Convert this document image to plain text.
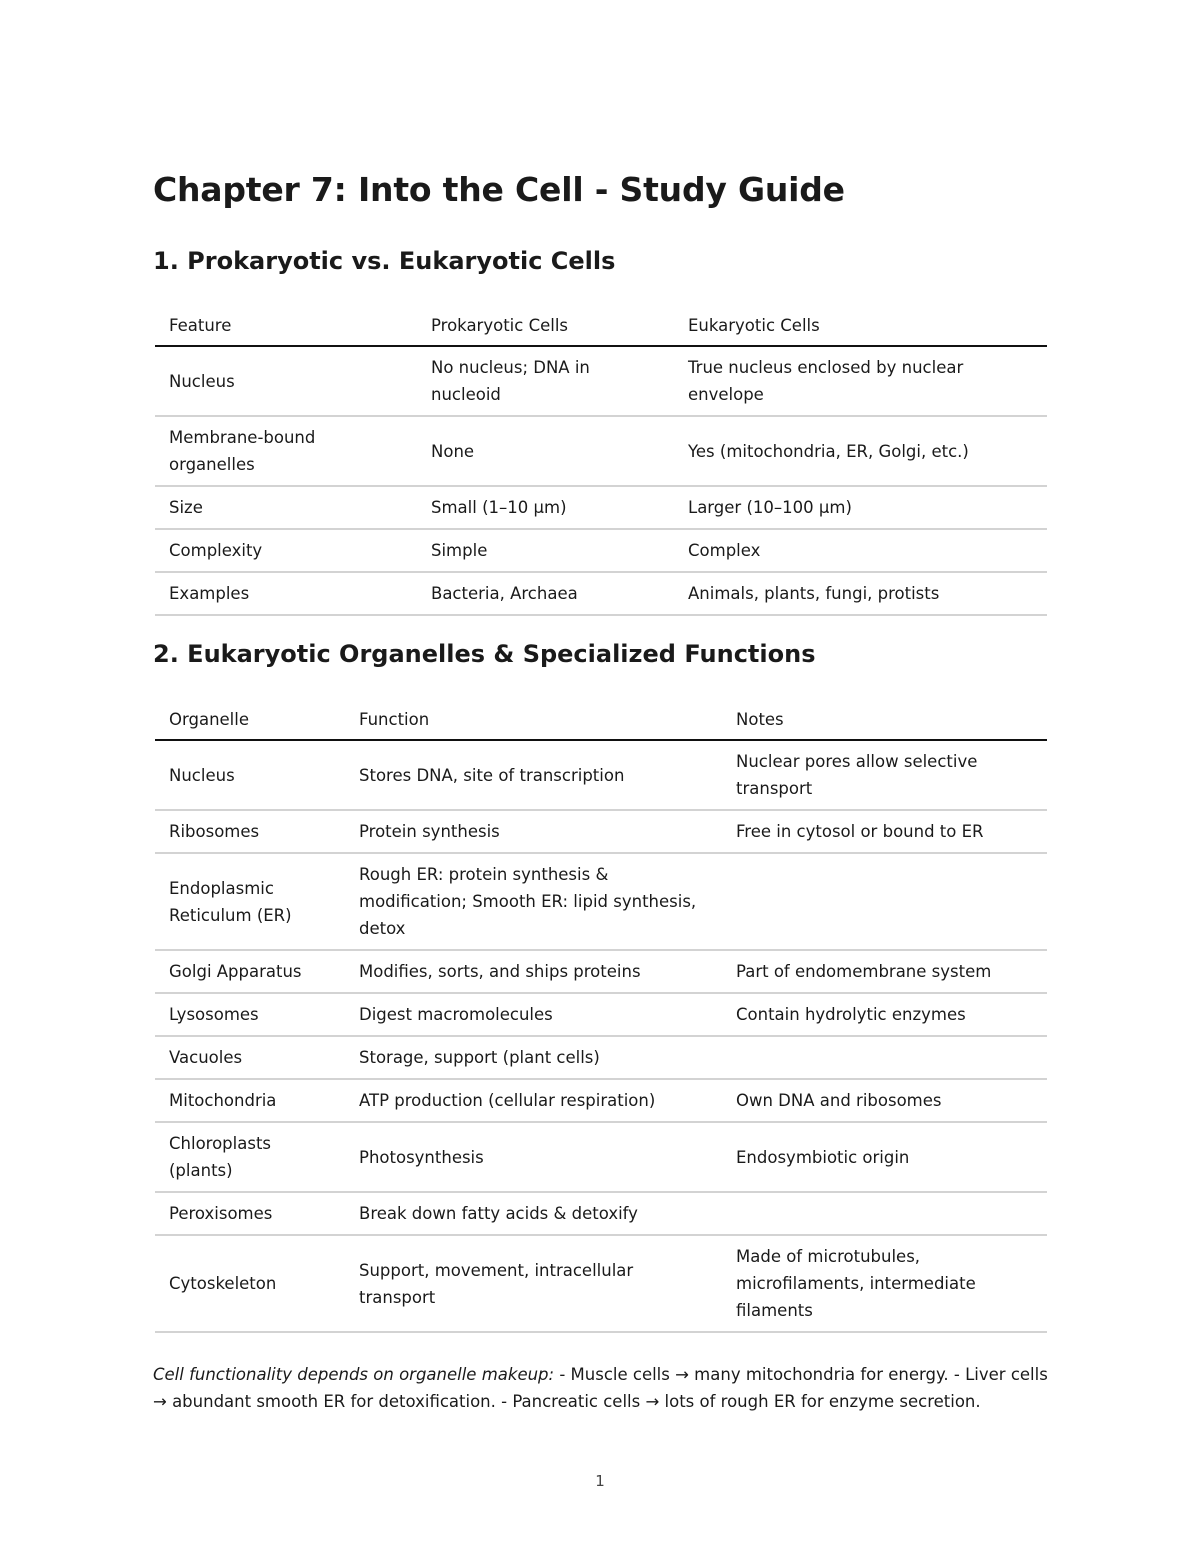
Chapter 7: Into the Cell - Study Guide
1. Prokaryotic vs. Eukaryotic Cells
Feature	Prokaryotic Cells	Eukaryotic Cells
Nucleus	No nucleus; DNA in nucleoid	True nucleus enclosed by nuclear envelope
Membrane-bound organelles	None	Yes (mitochondria, ER, Golgi, etc.)
Size	Small (1–10 µm)	Larger (10–100 µm)
Complexity	Simple	Complex
Examples	Bacteria, Archaea	Animals, plants, fungi, protists
2. Eukaryotic Organelles & Specialized Functions
Organelle	Function	Notes
Nucleus	Stores DNA, site of transcription	Nuclear pores allow selective transport
Ribosomes	Protein synthesis	Free in cytosol or bound to ER
Endoplasmic Reticulum (ER)	Rough ER: protein synthesis & modification; Smooth ER: lipid synthesis, detox	
Golgi Apparatus	Modifies, sorts, and ships proteins	Part of endomembrane system
Lysosomes	Digest macromolecules	Contain hydrolytic enzymes
Vacuoles	Storage, support (plant cells)	
Mitochondria	ATP production (cellular respiration)	Own DNA and ribosomes
Chloroplasts (plants)	Photosynthesis	Endosymbiotic origin
Peroxisomes	Break down fatty acids & detoxify	
Cytoskeleton	Support, movement, intracellular transport	Made of microtubules, microfilaments, intermediate filaments

Cell functionality depends on organelle makeup: - Muscle cells → many mitochondria for energy. - Liver cells → abundant smooth ER for detoxification. - Pancreatic cells → lots of rough ER for enzyme secretion.

1
